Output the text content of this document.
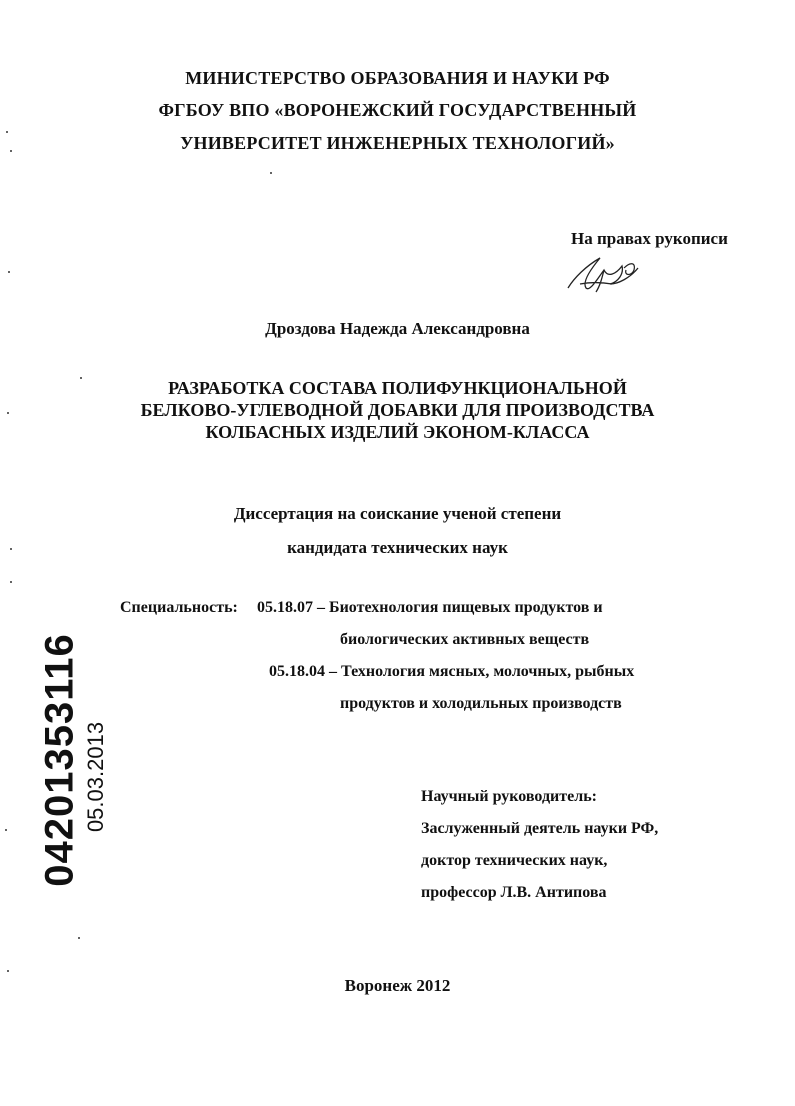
МИНИСТЕРСТВО ОБРАЗОВАНИЯ И НАУКИ РФ
ФГБОУ ВПО «ВОРОНЕЖСКИЙ ГОСУДАРСТВЕННЫЙ
УНИВЕРСИТЕТ ИНЖЕНЕРНЫХ ТЕХНОЛОГИЙ»
На правах рукописи
Дроздова Надежда Александровна
РАЗРАБОТКА СОСТАВА ПОЛИФУНКЦИОНАЛЬНОЙ
БЕЛКОВО-УГЛЕВОДНОЙ ДОБАВКИ ДЛЯ ПРОИЗВОДСТВА
КОЛБАСНЫХ ИЗДЕЛИЙ ЭКОНОМ-КЛАССА
Диссертация на соискание ученой степени
кандидата технических наук
Специальность: 05.18.07 – Биотехнология пищевых продуктов и
биологических активных веществ
05.18.04 – Технология мясных, молочных, рыбных
продуктов и холодильных производств
Научный руководитель:
Заслуженный деятель науки РФ,
доктор технических наук,
профессор Л.В. Антипова
Воронеж 2012
04201353116 05.03.2013
